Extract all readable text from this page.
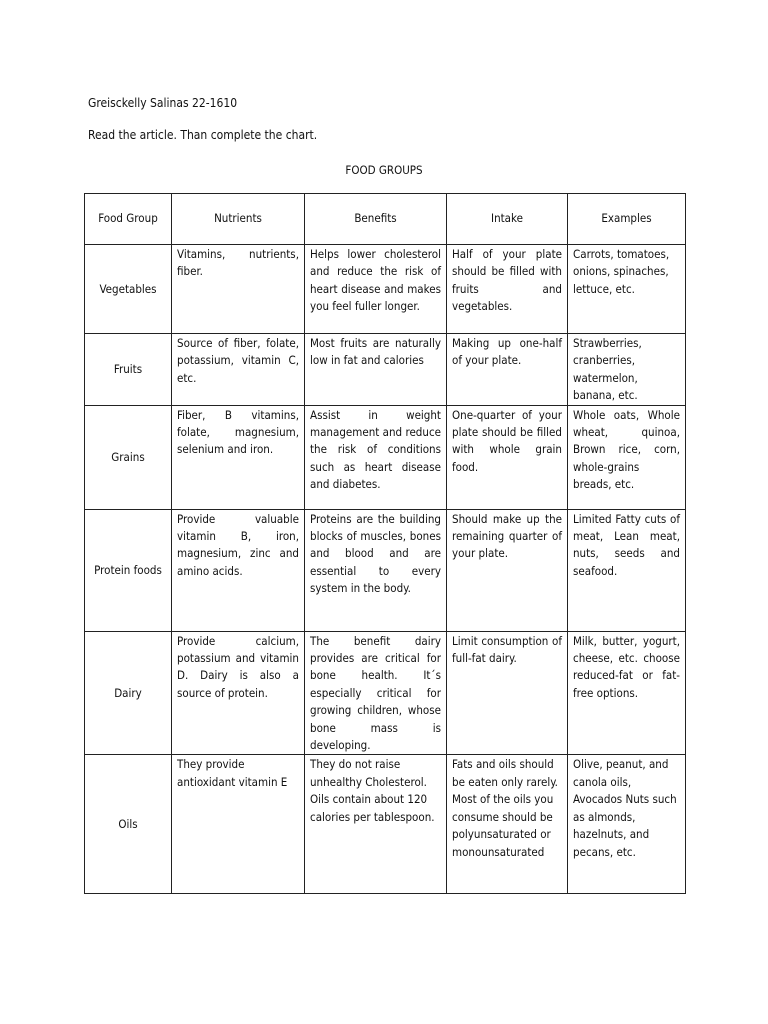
Greisckelly Salinas 22-1610
Read the article. Than complete the chart.
FOOD GROUPS
Food Group	Nutrients	Benefits	Intake	Examples
Vegetables	Vitamins, nutrients, fiber.	Helps lower cholesterol and reduce the risk of heart disease and makes you feel fuller longer.	Half of your plate should be filled with fruits and vegetables.	Carrots, tomatoes, onions, spinaches, lettuce, etc.
Fruits	Source of fiber, folate, potassium, vitamin C, etc.	Most fruits are naturally low in fat and calories	Making up one-half of your plate.	Strawberries, cranberries, watermelon, banana, etc.
Grains	Fiber, B vitamins, folate, magnesium, selenium and iron.	Assist in weight management and reduce the risk of conditions such as heart disease and diabetes.	One-quarter of your plate should be filled with whole grain food.	Whole oats, Whole wheat, quinoa, Brown rice, corn, whole-grains breads, etc.
Protein foods	Provide valuable vitamin B, iron, magnesium, zinc and amino acids.	Proteins are the building blocks of muscles, bones and blood and are essential to every system in the body.	Should make up the remaining quarter of your plate.	Limited Fatty cuts of meat, Lean meat, nuts, seeds and seafood.
Dairy	Provide calcium, potassium and vitamin D. Dairy is also a source of protein.	The benefit dairy provides are critical for bone health. It´s especially critical for growing children, whose bone mass is developing.	Limit consumption of full-fat dairy.	Milk, butter, yogurt, cheese, etc. choose reduced-fat or fat-free options.
Oils	They provide antioxidant vitamin E	They do not raise unhealthy Cholesterol. Oils contain about 120 calories per tablespoon.	Fats and oils should be eaten only rarely. Most of the oils you consume should be polyunsaturated or monounsaturated	Olive, peanut, and canola oils, Avocados Nuts such as almonds, hazelnuts, and pecans, etc.
